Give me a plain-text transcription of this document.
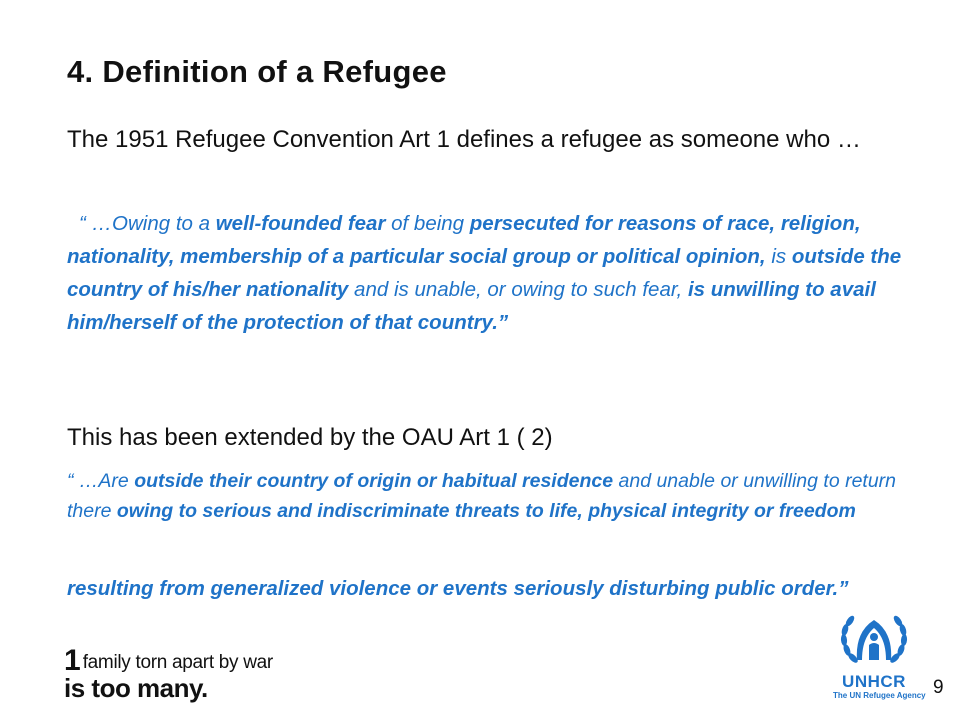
4. Definition of a Refugee
The 1951 Refugee Convention Art 1 defines a refugee as someone who …
“ …Owing to a well-founded fear of being persecuted for reasons of race, religion, nationality, membership of a particular social group or political opinion, is outside the country of his/her nationality and is unable, or owing to such fear, is unwilling to avail him/herself of the protection of that country.”
This has been extended by the OAU Art 1 ( 2)
“ …Are outside their country of origin or habitual residence and unable or unwilling to return there owing to serious and indiscriminate threats to life, physical integrity or freedom
resulting from generalized violence or events seriously disturbing public order.”
1 family torn apart by war
is too many.	UNHCR
The UN Refugee Agency 9
